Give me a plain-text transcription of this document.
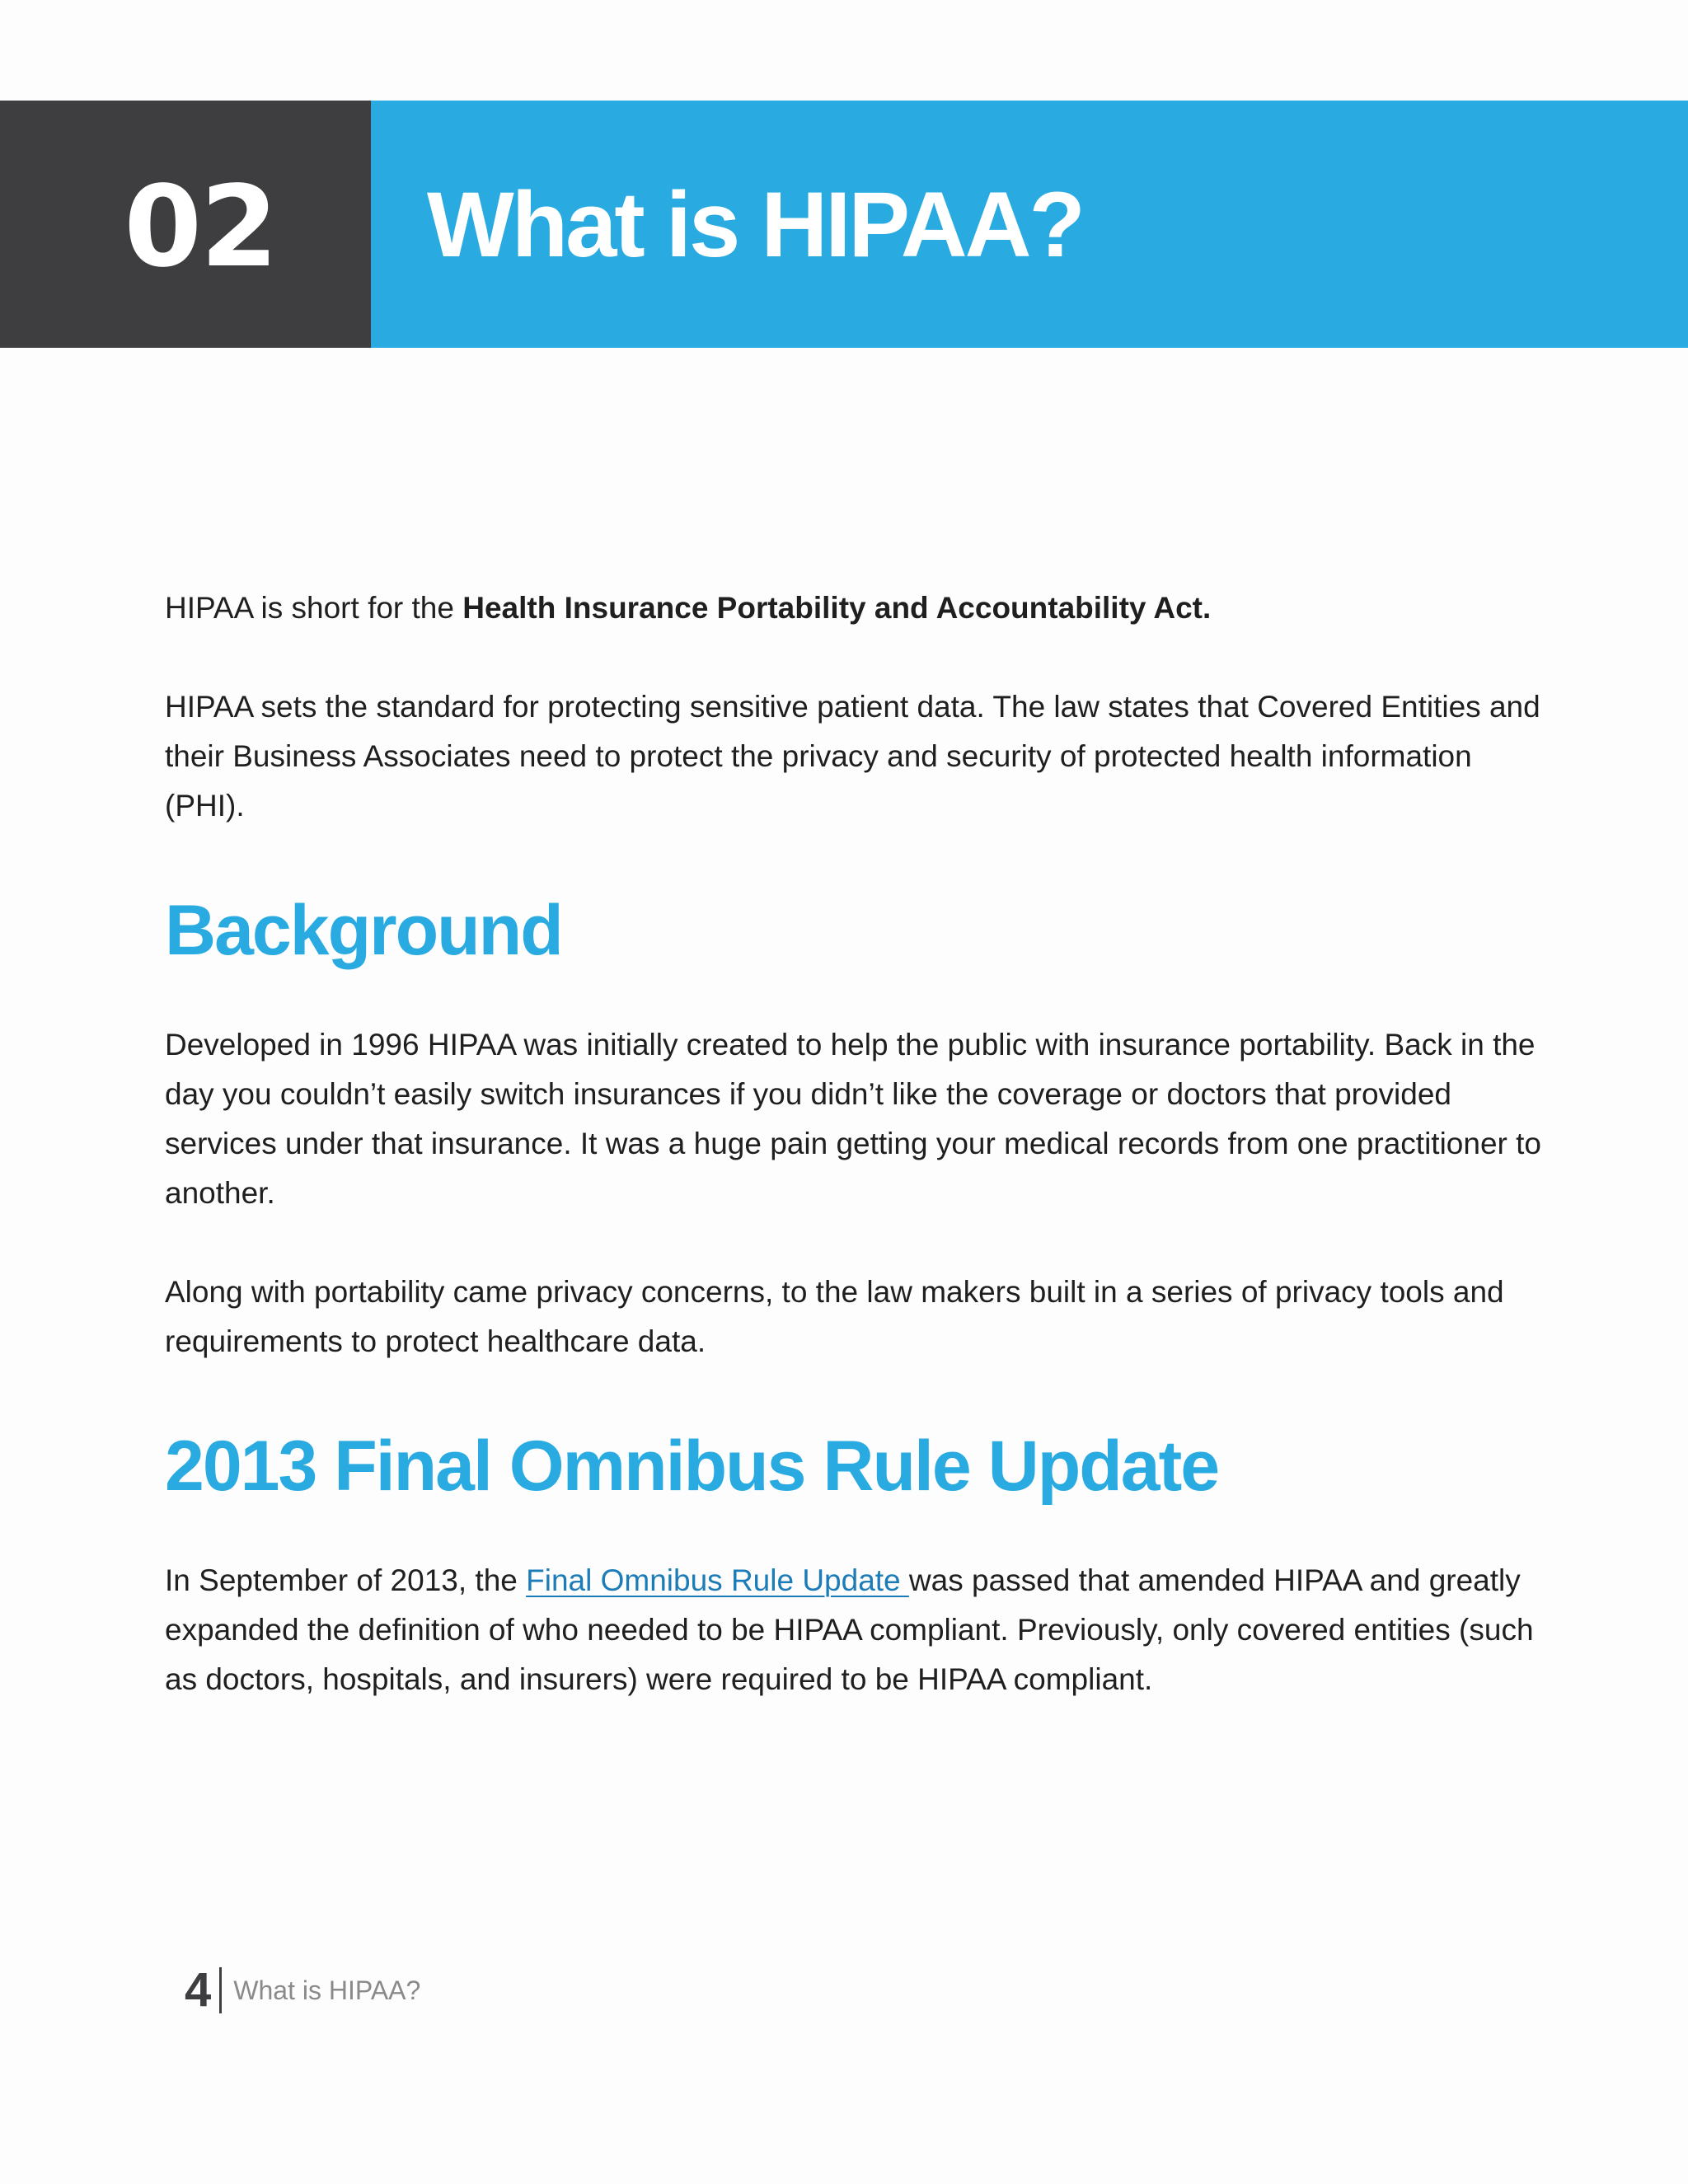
02 What is HIPAA?

HIPAA is short for the Health Insurance Portability and Accountability Act.

HIPAA sets the standard for protecting sensitive patient data. The law states that Covered Entities and their Business Associates need to protect the privacy and security of protected health information (PHI).

Background

Developed in 1996 HIPAA was initially created to help the public with insurance portability. Back in the day you couldn’t easily switch insurances if you didn’t like the coverage or doctors that provided services under that insurance. It was a huge pain getting your medical records from one practitioner to another.

Along with portability came privacy concerns, to the law makers built in a series of privacy tools and requirements to protect healthcare data.

2013 Final Omnibus Rule Update

In September of 2013, the Final Omnibus Rule Update was passed that amended HIPAA and greatly expanded the definition of who needed to be HIPAA compliant. Previously, only covered entities (such as doctors, hospitals, and insurers) were required to be HIPAA compliant.

4 What is HIPAA?
